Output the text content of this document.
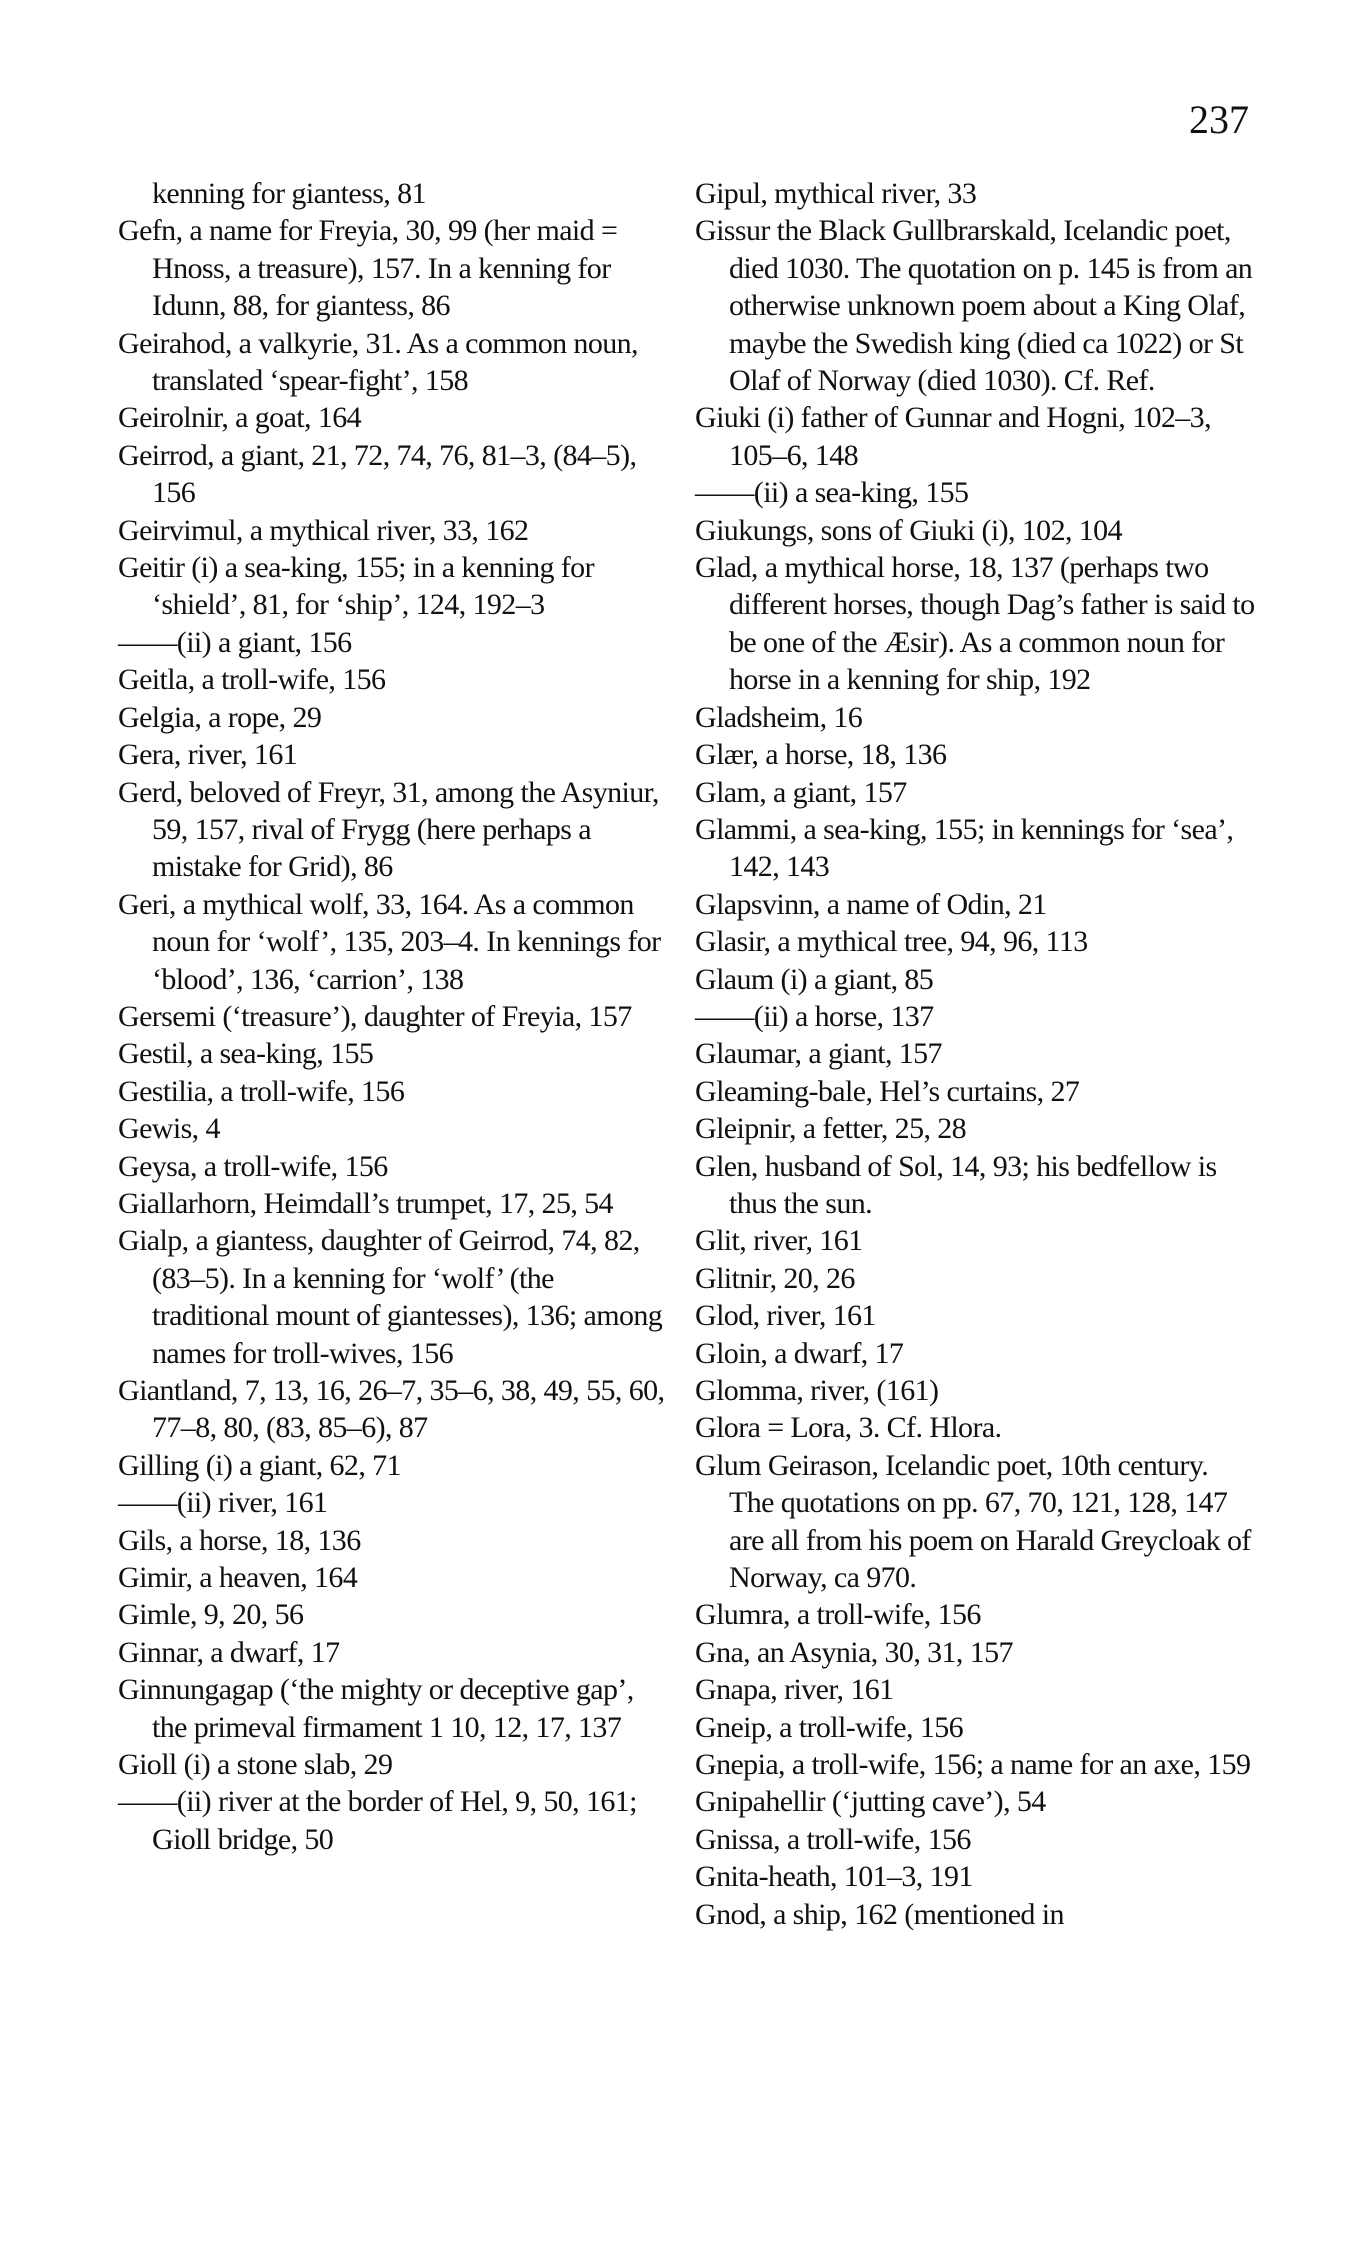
237

kenning for giantess, 81

Gefn, a name for Freyia, 30, 99 (her maid = Hnoss, a treasure), 157. In a kenning for Idunn, 88, for giantess, 86

Geirahod, a valkyrie, 31. As a common noun, translated ‘spear-fight’, 158

Geirolnir, a goat, 164

Geirrod, a giant, 21, 72, 74, 76, 81–3, (84–5), 156

Geirvimul, a mythical river, 33, 162

Geitir (i) a sea-king, 155; in a kenning for ‘shield’, 81, for ‘ship’, 124, 192–3

——(ii) a giant, 156

Geitla, a troll-wife, 156

Gelgia, a rope, 29

Gera, river, 161

Gerd, beloved of Freyr, 31, among the Asyniur, 59, 157, rival of Frygg (here perhaps a mistake for Grid), 86

Geri, a mythical wolf, 33, 164. As a common noun for ‘wolf’, 135, 203–4. In kennings for ‘blood’, 136, ‘carrion’, 138

Gersemi (‘treasure’), daughter of Freyia, 157

Gestil, a sea-king, 155

Gestilia, a troll-wife, 156

Gewis, 4

Geysa, a troll-wife, 156

Giallarhorn, Heimdall’s trumpet, 17, 25, 54

Gialp, a giantess, daughter of Geirrod, 74, 82, (83–5). In a kenning for ‘wolf’ (the traditional mount of giantesses), 136; among names for troll-wives, 156

Giantland, 7, 13, 16, 26–7, 35–6, 38, 49, 55, 60, 77–8, 80, (83, 85–6), 87

Gilling (i) a giant, 62, 71

——(ii) river, 161

Gils, a horse, 18, 136

Gimir, a heaven, 164

Gimle, 9, 20, 56

Ginnar, a dwarf, 17

Ginnungagap (‘the mighty or deceptive gap’, the primeval firmament 1 10, 12, 17, 137

Gioll (i) a stone slab, 29

——(ii) river at the border of Hel, 9, 50, 161; Gioll bridge, 50

Gipul, mythical river, 33

Gissur the Black Gullbrarskald, Icelandic poet, died 1030. The quotation on p. 145 is from an otherwise unknown poem about a King Olaf, maybe the Swedish king (died ca 1022) or St Olaf of Norway (died 1030). Cf. Ref.

Giuki (i) father of Gunnar and Hogni, 102–3, 105–6, 148

——(ii) a sea-king, 155

Giukungs, sons of Giuki (i), 102, 104

Glad, a mythical horse, 18, 137 (perhaps two different horses, though Dag’s father is said to be one of the Æsir). As a common noun for horse in a kenning for ship, 192

Gladsheim, 16

Glær, a horse, 18, 136

Glam, a giant, 157

Glammi, a sea-king, 155; in kennings for ‘sea’, 142, 143

Glapsvinn, a name of Odin, 21

Glasir, a mythical tree, 94, 96, 113

Glaum (i) a giant, 85

——(ii) a horse, 137

Glaumar, a giant, 157

Gleaming-bale, Hel’s curtains, 27

Gleipnir, a fetter, 25, 28

Glen, husband of Sol, 14, 93; his bedfellow is thus the sun.

Glit, river, 161

Glitnir, 20, 26

Glod, river, 161

Gloin, a dwarf, 17

Glomma, river, (161)

Glora = Lora, 3. Cf. Hlora.

Glum Geirason, Icelandic poet, 10th century. The quotations on pp. 67, 70, 121, 128, 147 are all from his poem on Harald Greycloak of Norway, ca 970.

Glumra, a troll-wife, 156

Gna, an Asynia, 30, 31, 157

Gnapa, river, 161

Gneip, a troll-wife, 156

Gnepia, a troll-wife, 156; a name for an axe, 159

Gnipahellir (‘jutting cave’), 54

Gnissa, a troll-wife, 156

Gnita-heath, 101–3, 191

Gnod, a ship, 162 (mentioned in
